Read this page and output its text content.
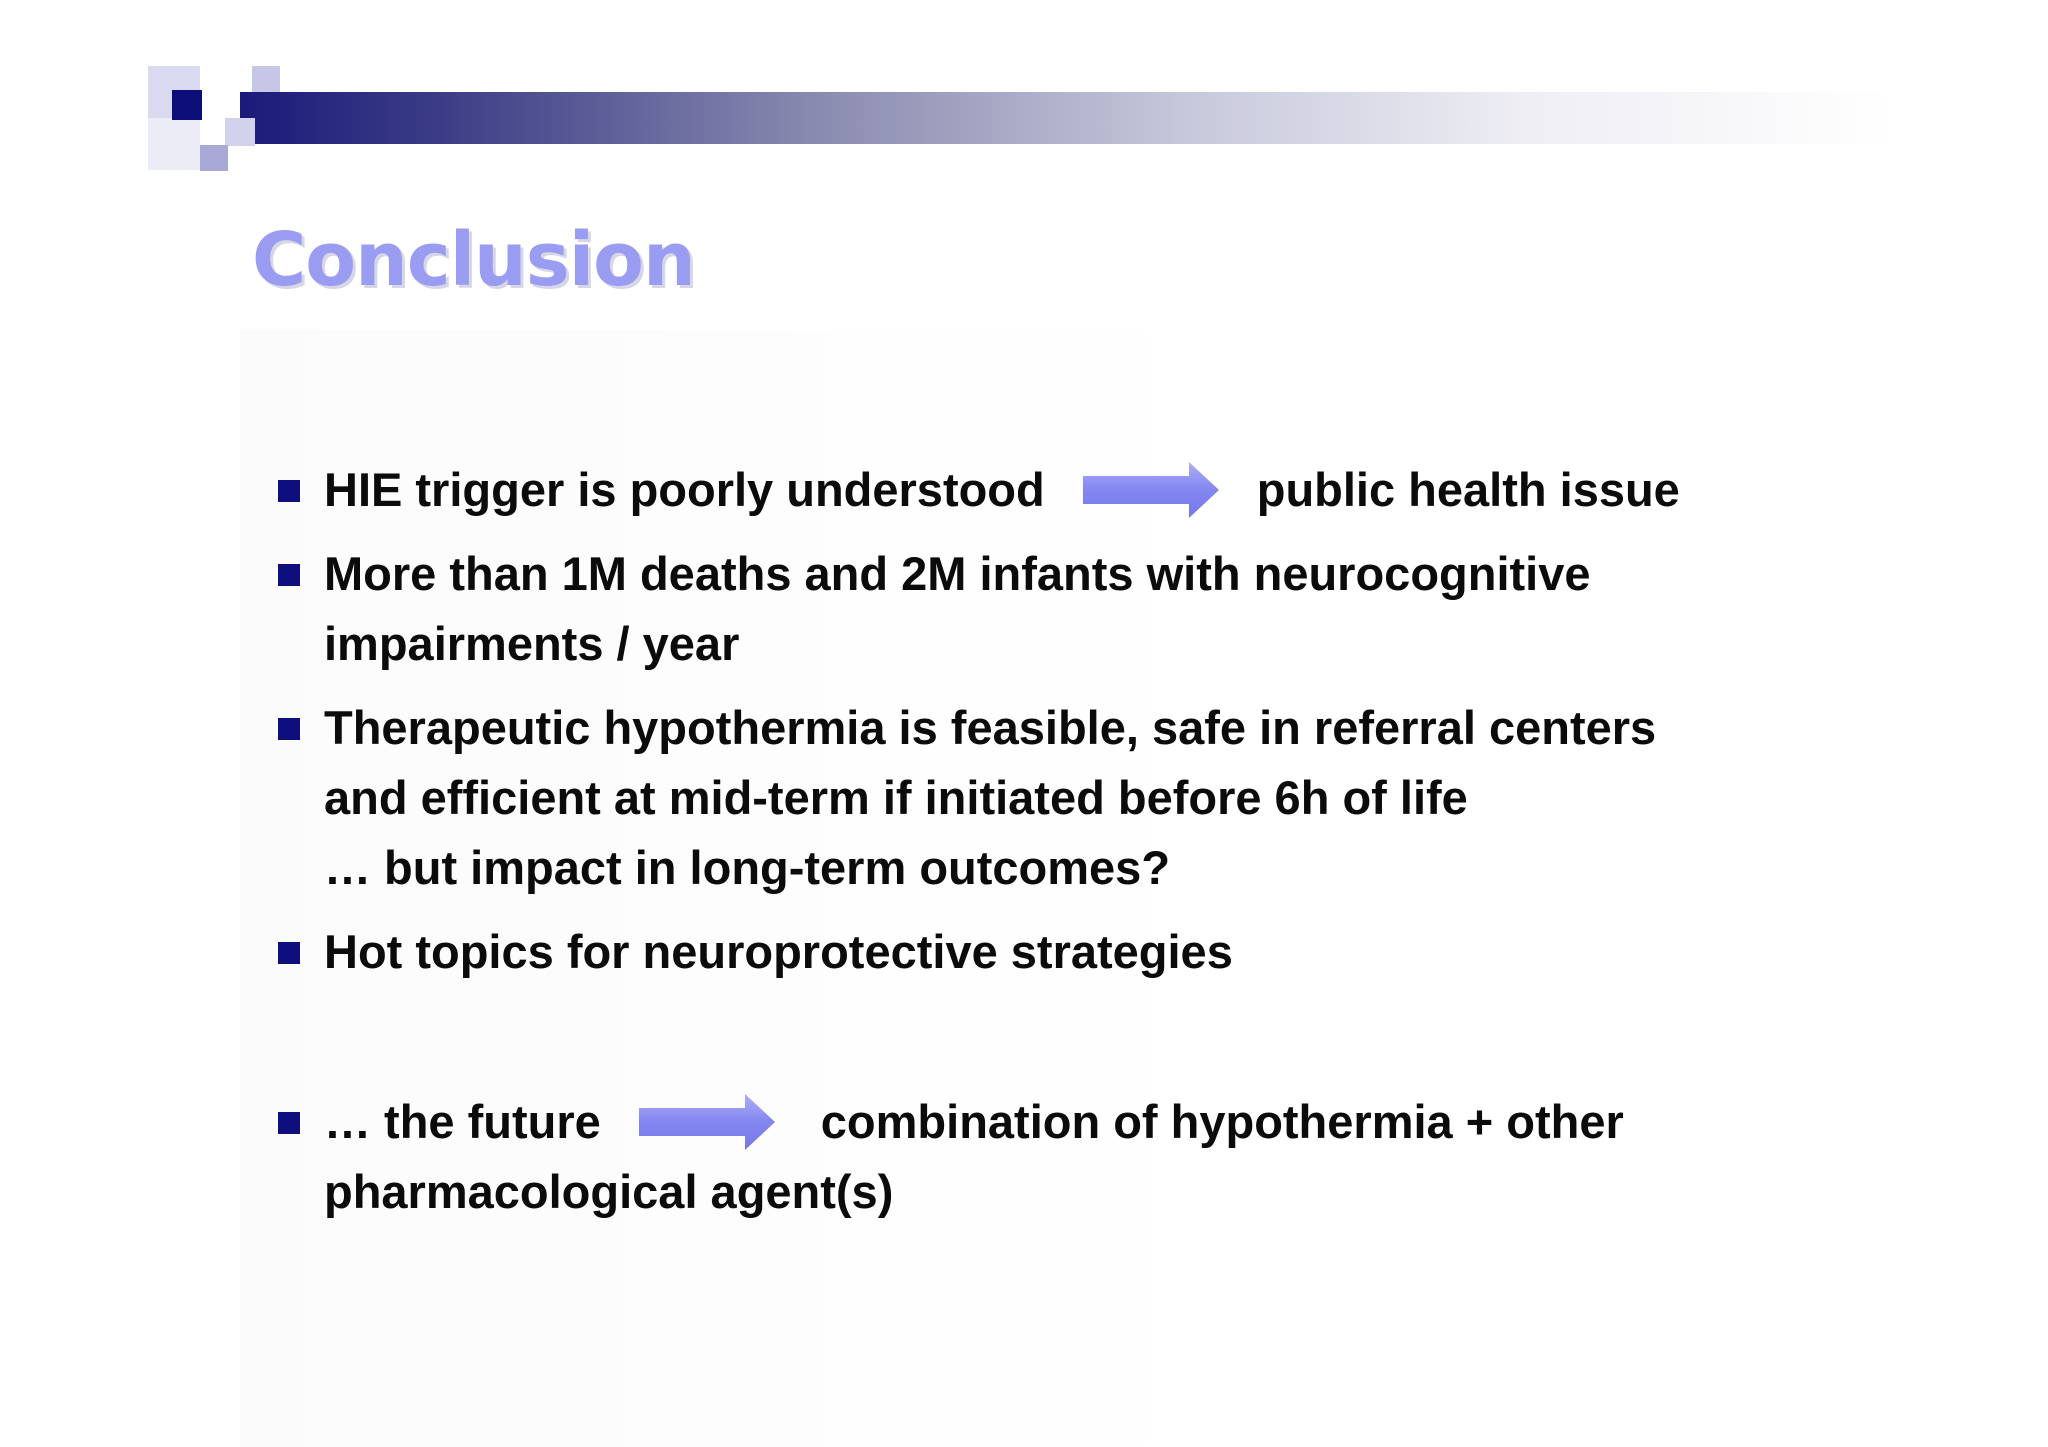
Conclusion
HIE trigger is poorly understood	public health issue
More than 1M deaths and 2M infants with neurocognitive
impairments / year
Therapeutic hypothermia is feasible, safe in referral centers
and efficient at mid-term if initiated before 6h of life
… but impact in long-term outcomes?
Hot topics for neuroprotective strategies
… the future	combination of hypothermia + other
pharmacological agent(s)
